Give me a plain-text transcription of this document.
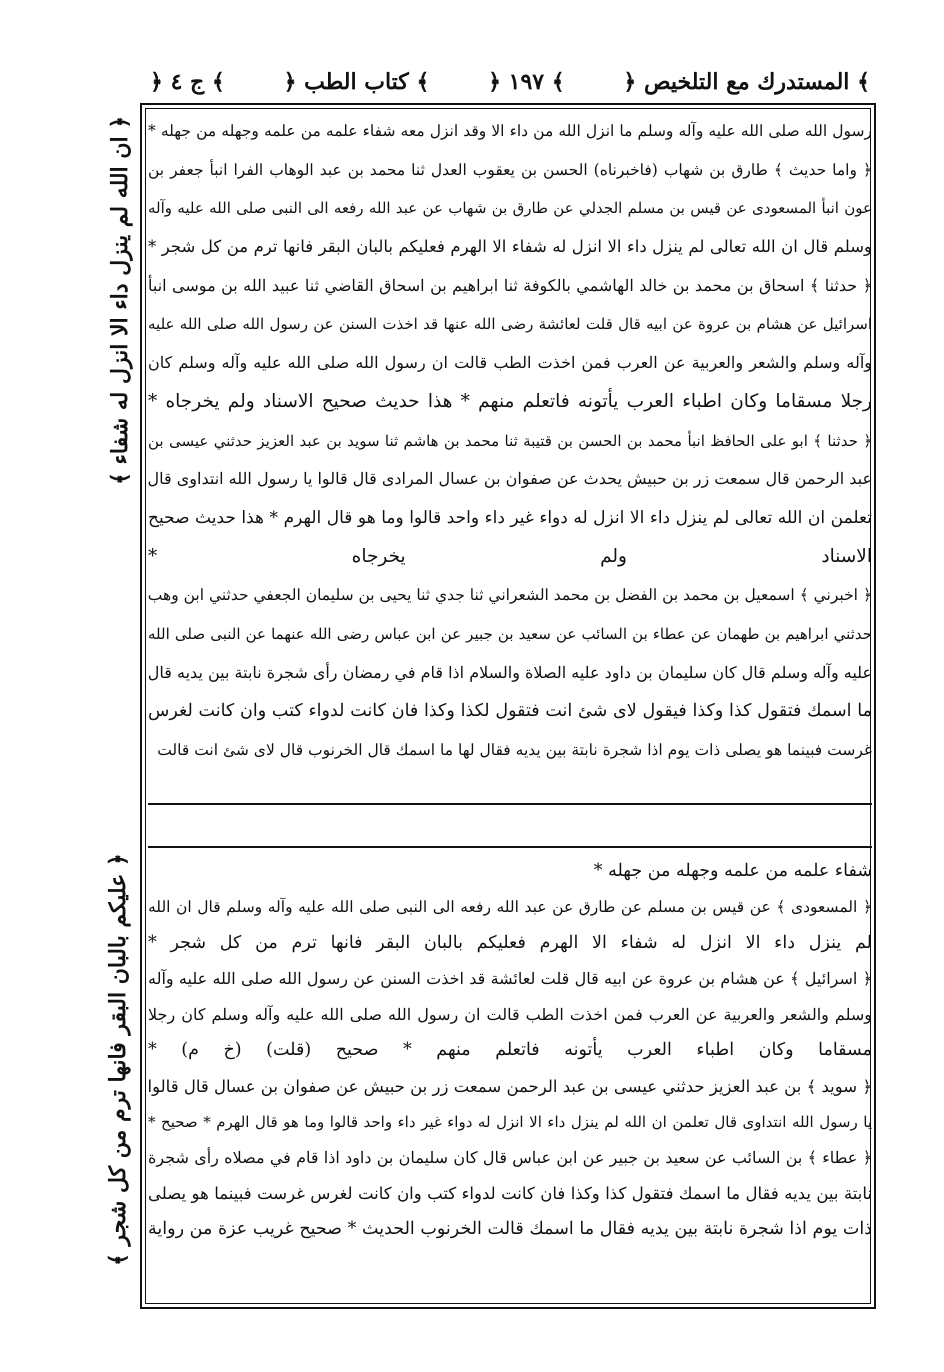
﴿ ج ٤ ﴾	﴿ كتاب الطب ﴾	﴿ ١٩٧ ﴾	﴿ المستدرك مع التلخيص ﴾
﴿ ان الله لم ينزل داء الا انزل له شفاء ﴾
﴿ عليكم بالبان البقر فانها ترم من كل شجر ﴾
رسول الله صلى الله عليه وآله وسلم ما انزل الله من داء الا وقد انزل معه شفاء علمه من علمه وجهله من جهله *
﴿ واما حديث ﴾ طارق بن شهاب (فاخبرناه) الحسن بن يعقوب العدل ثنا محمد بن عبد الوهاب الفرا انبأ جعفر بن
عون انبأ المسعودى عن قيس بن مسلم الجدلي عن طارق بن شهاب عن عبد الله رفعه الى النبى صلى الله عليه وآله
وسلم قال ان الله تعالى لم ينزل داء الا انزل له شفاء الا الهرم فعليكم بالبان البقر فانها ترم من كل شجر *
﴿ حدثنا ﴾ اسحاق بن محمد بن خالد الهاشمي بالكوفة ثنا ابراهيم بن اسحاق القاضي ثنا عبيد الله بن موسى انبأ
اسرائيل عن هشام بن عروة عن ابيه قال قلت لعائشة رضى الله عنها قد اخذت السنن عن رسول الله صلى الله عليه
وآله وسلم والشعر والعربية عن العرب فمن اخذت الطب قالت ان رسول الله صلى الله عليه وآله وسلم كان
رجلا مسقاما وكان اطباء العرب يأتونه فاتعلم منهم * هذا حديث صحيح الاسناد ولم يخرجاه *
﴿ حدثنا ﴾ ابو على الحافظ انبأ محمد بن الحسن بن قتيبة ثنا محمد بن هاشم ثنا سويد بن عبد العزيز حدثني عيسى بن
عبد الرحمن قال سمعت زر بن حبيش يحدث عن صفوان بن عسال المرادى قال قالوا يا رسول الله انتداوى قال
تعلمن ان الله تعالى لم ينزل داء الا انزل له دواء غير داء واحد قالوا وما هو قال الهرم * هذا حديث صحيح
الاسناد ولم يخرجاه *
﴿ اخبرني ﴾ اسمعيل بن محمد بن الفضل بن محمد الشعراني ثنا جدي ثنا يحيى بن سليمان الجعفي حدثني ابن وهب
حدثني ابراهيم بن طهمان عن عطاء بن السائب عن سعيد بن جبير عن ابن عباس رضى الله عنهما عن النبى صلى الله
عليه وآله وسلم قال كان سليمان بن داود عليه الصلاة والسلام اذا قام في رمضان رأى شجرة نابتة بين يديه قال
ما اسمك فتقول كذا وكذا فيقول لاى شئ انت فتقول لكذا وكذا فان كانت لدواء كتب وان كانت لغرس
غرست فبينما هو يصلى ذات يوم اذا شجرة نابتة بين يديه فقال لها ما اسمك قال الخرنوب قال لاى شئ انت قالت
شفاء علمه من علمه وجهله من جهله *
﴿ المسعودى ﴾ عن قيس بن مسلم عن طارق عن عبد الله رفعه الى النبى صلى الله عليه وآله وسلم قال ان الله
لم ينزل داء الا انزل له شفاء الا الهرم فعليكم بالبان البقر فانها ترم من كل شجر *
﴿ اسرائيل ﴾ عن هشام بن عروة عن ابيه قال قلت لعائشة قد اخذت السنن عن رسول الله صلى الله عليه وآله
وسلم والشعر والعربية عن العرب فمن اخذت الطب قالت ان رسول الله صلى الله عليه وآله وسلم كان رجلا
مسقاما وكان اطباء العرب يأتونه فاتعلم منهم * صحيح (قلت) (خ م) *
﴿ سويد ﴾ بن عبد العزيز حدثني عيسى بن عبد الرحمن سمعت زر بن حبيش عن صفوان بن عسال قال قالوا
يا رسول الله انتداوى قال تعلمن ان الله لم ينزل داء الا انزل له دواء غير داء واحد قالوا وما هو قال الهرم * صحيح *
﴿ عطاء ﴾ بن السائب عن سعيد بن جبير عن ابن عباس قال كان سليمان بن داود اذا قام في مصلاه رأى شجرة
نابتة بين يديه فقال ما اسمك فتقول كذا وكذا فان كانت لدواء كتب وان كانت لغرس غرست فبينما هو يصلى
ذات يوم اذا شجرة نابتة بين يديه فقال ما اسمك قالت الخرنوب الحديث * صحيح غريب عزة من رواية
